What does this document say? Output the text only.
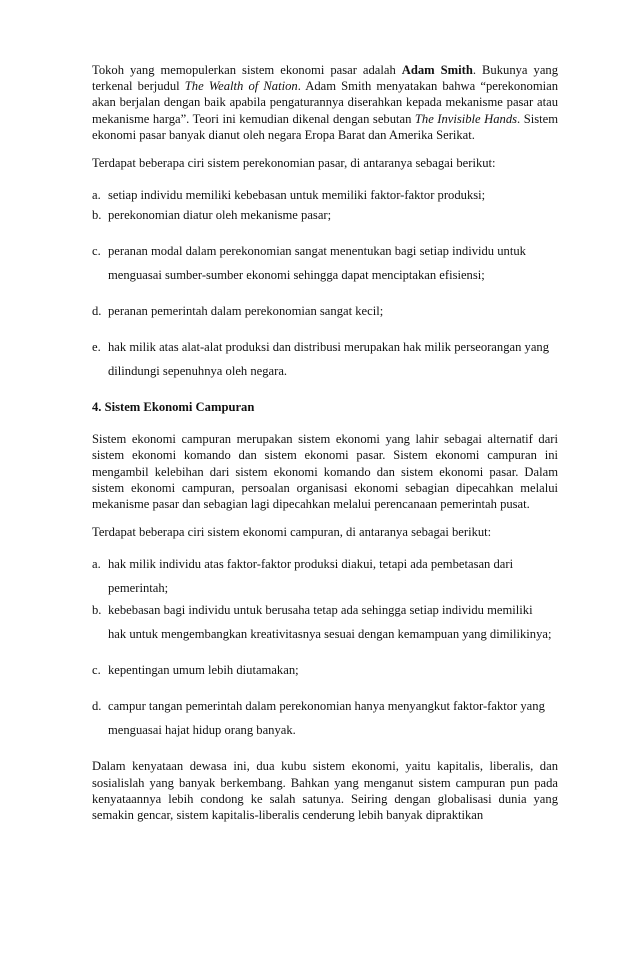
Tokoh yang memopulerkan sistem ekonomi pasar adalah Adam Smith. Bukunya yang terkenal berjudul The Wealth of Nation. Adam Smith menyatakan bahwa “perekonomian akan berjalan dengan baik apabila pengaturannya diserahkan kepada mekanisme pasar atau mekanisme harga”. Teori ini kemudian dikenal dengan sebutan The Invisible Hands. Sistem ekonomi pasar banyak dianut oleh negara Eropa Barat dan Amerika Serikat.

Terdapat beberapa ciri sistem perekonomian pasar, di antaranya sebagai berikut:

a. setiap individu memiliki kebebasan untuk memiliki faktor-faktor produksi;
b. perekonomian diatur oleh mekanisme pasar;
c. peranan modal dalam perekonomian sangat menentukan bagi setiap individu untuk
menguasai sumber-sumber ekonomi sehingga dapat menciptakan efisiensi;
d. peranan pemerintah dalam perekonomian sangat kecil;
e. hak milik atas alat-alat produksi dan distribusi merupakan hak milik perseorangan yang
dilindungi sepenuhnya oleh negara.

4. Sistem Ekonomi Campuran

Sistem ekonomi campuran merupakan sistem ekonomi yang lahir sebagai alternatif dari sistem ekonomi komando dan sistem ekonomi pasar. Sistem ekonomi campuran ini mengambil kelebihan dari sistem ekonomi komando dan sistem ekonomi pasar. Dalam sistem ekonomi campuran, persoalan organisasi ekonomi sebagian dipecahkan melalui mekanisme pasar dan sebagian lagi dipecahkan melalui perencanaan pemerintah pusat.

Terdapat beberapa ciri sistem ekonomi campuran, di antaranya sebagai berikut:

a. hak milik individu atas faktor-faktor produksi diakui, tetapi ada pembetasan dari
pemerintah;
b. kebebasan bagi individu untuk berusaha tetap ada sehingga setiap individu memiliki
hak untuk mengembangkan kreativitasnya sesuai dengan kemampuan yang dimilikinya;
c. kepentingan umum lebih diutamakan;
d. campur tangan pemerintah dalam perekonomian hanya menyangkut faktor-faktor yang
menguasai hajat hidup orang banyak.

Dalam kenyataan dewasa ini, dua kubu sistem ekonomi, yaitu kapitalis, liberalis, dan sosialislah yang banyak berkembang. Bahkan yang menganut sistem campuran pun pada kenyataannya lebih condong ke salah satunya. Seiring dengan globalisasi dunia yang semakin gencar, sistem kapitalis-liberalis cenderung lebih banyak dipraktikan
